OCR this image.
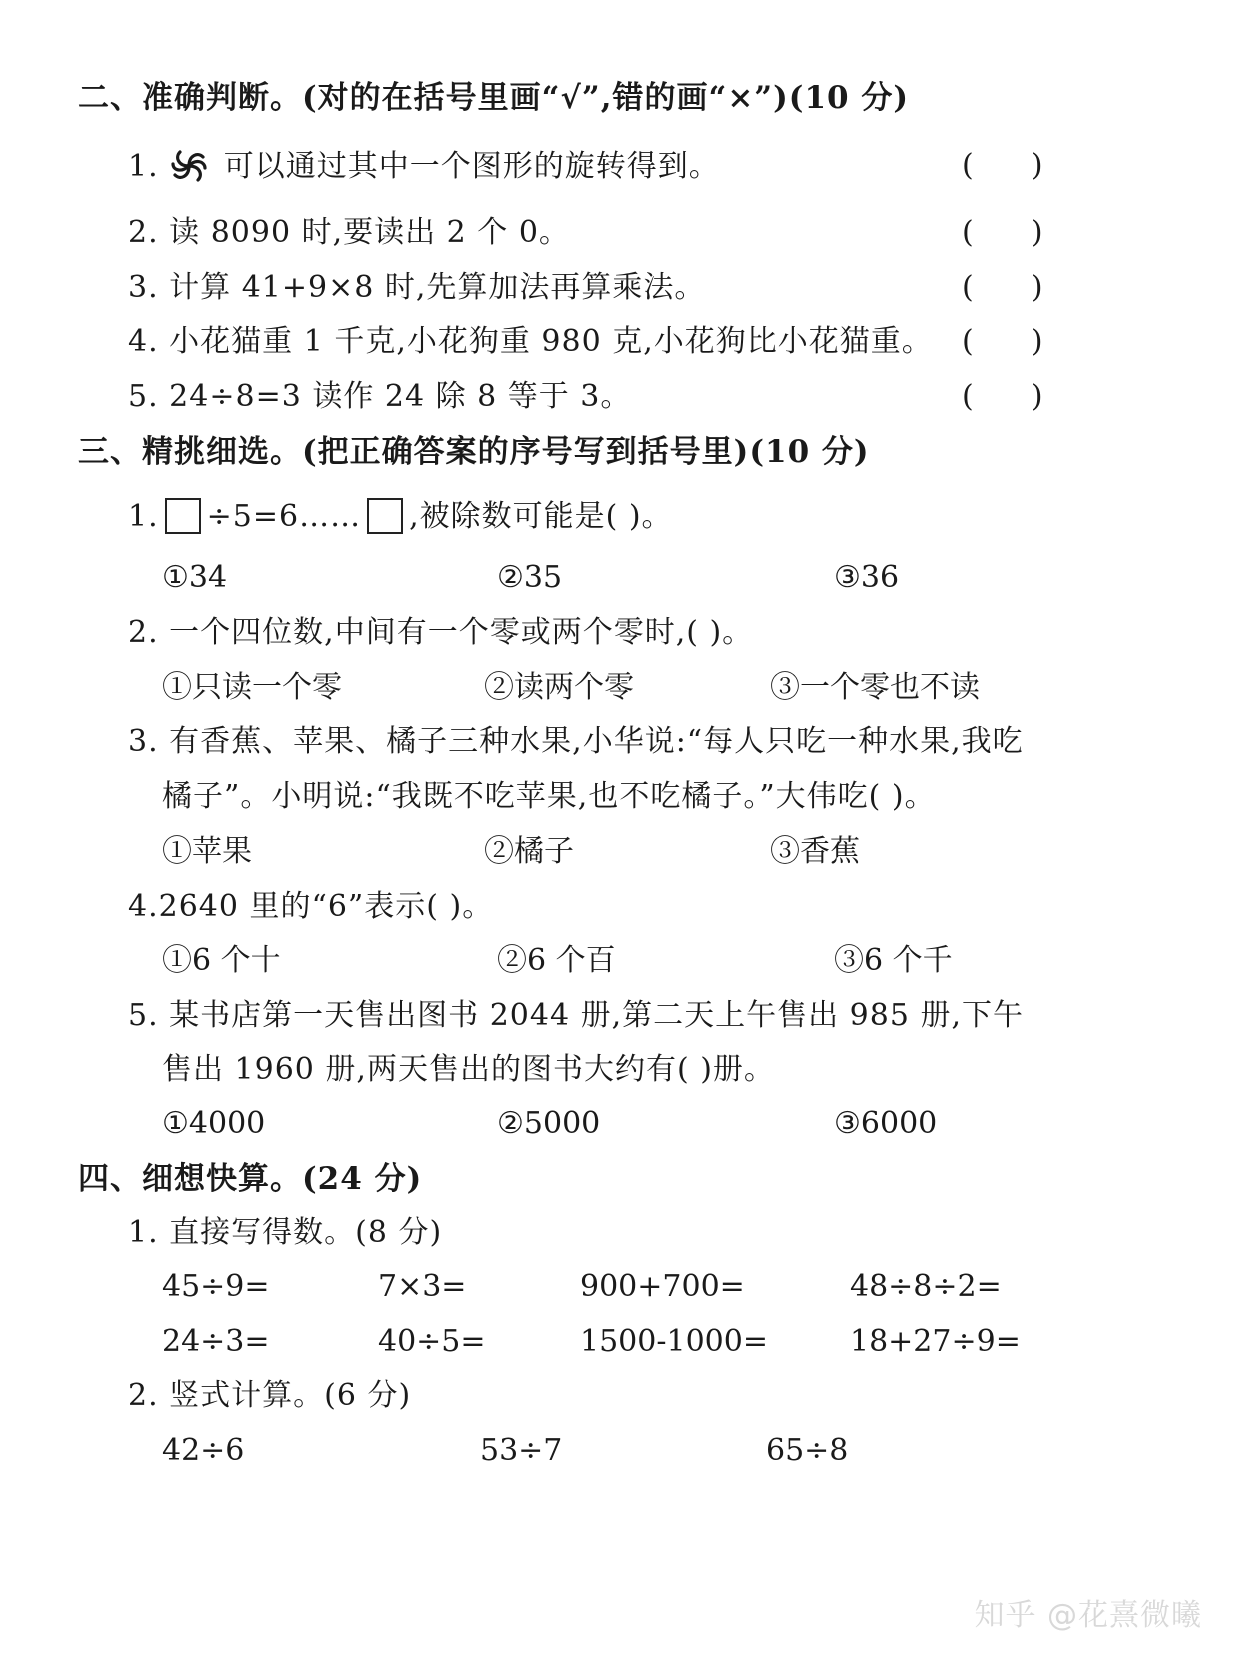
二、准确判断。(对的在括号里画“√”,错的画“×”)(10 分)
1. 可以通过其中一个图形的旋转得到。	(      )
2. 读 8090 时,要读出 2 个 0。	(      )
3. 计算 41+9×8 时,先算加法再算乘法。	(      )
4. 小花猫重 1 千克,小花狗重 980 克,小花狗比小花猫重。 (      )
5. 24÷8=3 读作 24 除 8 等于 3。	(      )
三、精挑细选。(把正确答案的序号写到括号里)(10 分)
1. ÷5=6…… ,被除数可能是( )。
①34	②35	③36
2. 一个四位数,中间有一个零或两个零时,( )。
①只读一个零	②读两个零	③一个零也不读
3. 有香蕉、苹果、橘子三种水果,小华说:“每人只吃一种水果,我吃
橘子”。小明说:“我既不吃苹果,也不吃橘子。”大伟吃( )。
①苹果	②橘子	③香蕉
4.2640 里的“6”表示( )。
①6 个十	②6 个百	③6 个千
5. 某书店第一天售出图书 2044 册,第二天上午售出 985 册,下午
售出 1960 册,两天售出的图书大约有( )册。
①4000	②5000	③6000
四、细想快算。(24 分)
1. 直接写得数。(8 分)
45÷9=	7×3=	900+700=	48÷8÷2=
24÷3=	40÷5=	1500-1000=	18+27÷9=
2. 竖式计算。(6 分)
42÷6	53÷7	65÷8
知乎 @花熹微曦
